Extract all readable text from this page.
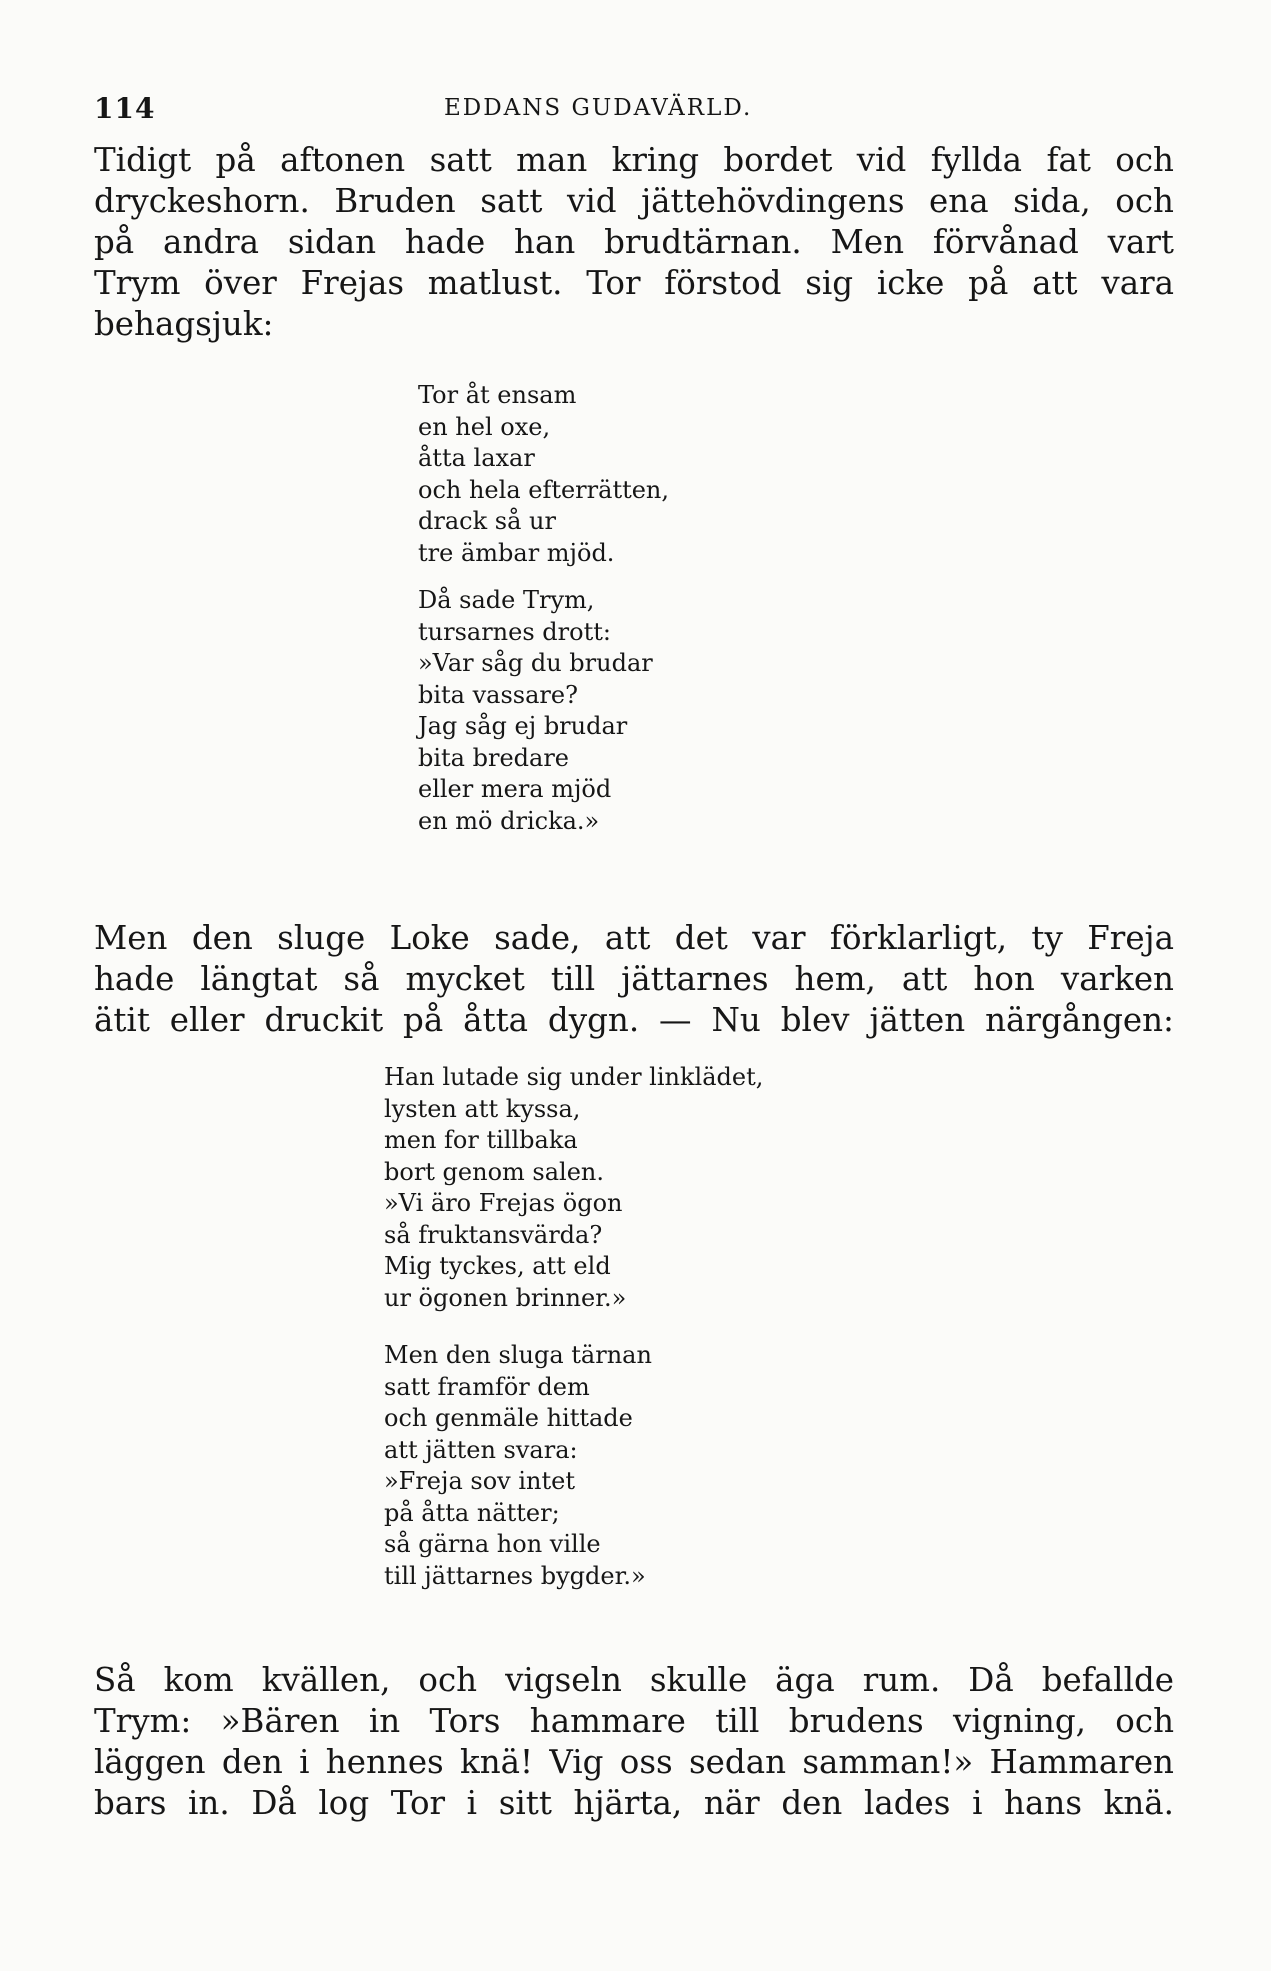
114	EDDANS GUDAVÄRLD.
Tidigt på aftonen satt man kring bordet vid fyllda fat och
dryckeshorn. Bruden satt vid jättehövdingens ena sida, och
på andra sidan hade han brudtärnan. Men förvånad vart
Trym över Frejas matlust. Tor förstod sig icke på att vara
behagsjuk:
Tor åt ensam
en hel oxe,
åtta laxar
och hela efterrätten,
drack så ur
tre ämbar mjöd.
Då sade Trym,
tursarnes drott:
»Var såg du brudar
bita vassare?
Jag såg ej brudar
bita bredare
eller mera mjöd
en mö dricka.»
Men den sluge Loke sade, att det var förklarligt, ty Freja
hade längtat så mycket till jättarnes hem, att hon varken
ätit eller druckit på åtta dygn. — Nu blev jätten närgången:
Han lutade sig under linklädet,
lysten att kyssa,
men for tillbaka
bort genom salen.
»Vi äro Frejas ögon
så fruktansvärda?
Mig tyckes, att eld
ur ögonen brinner.»
Men den sluga tärnan
satt framför dem
och genmäle hittade
att jätten svara:
»Freja sov intet
på åtta nätter;
så gärna hon ville
till jättarnes bygder.»
Så kom kvällen, och vigseln skulle äga rum. Då befallde
Trym: »Bären in Tors hammare till brudens vigning, och
läggen den i hennes knä! Vig oss sedan samman!» Hammaren
bars in. Då log Tor i sitt hjärta, när den lades i hans knä.
